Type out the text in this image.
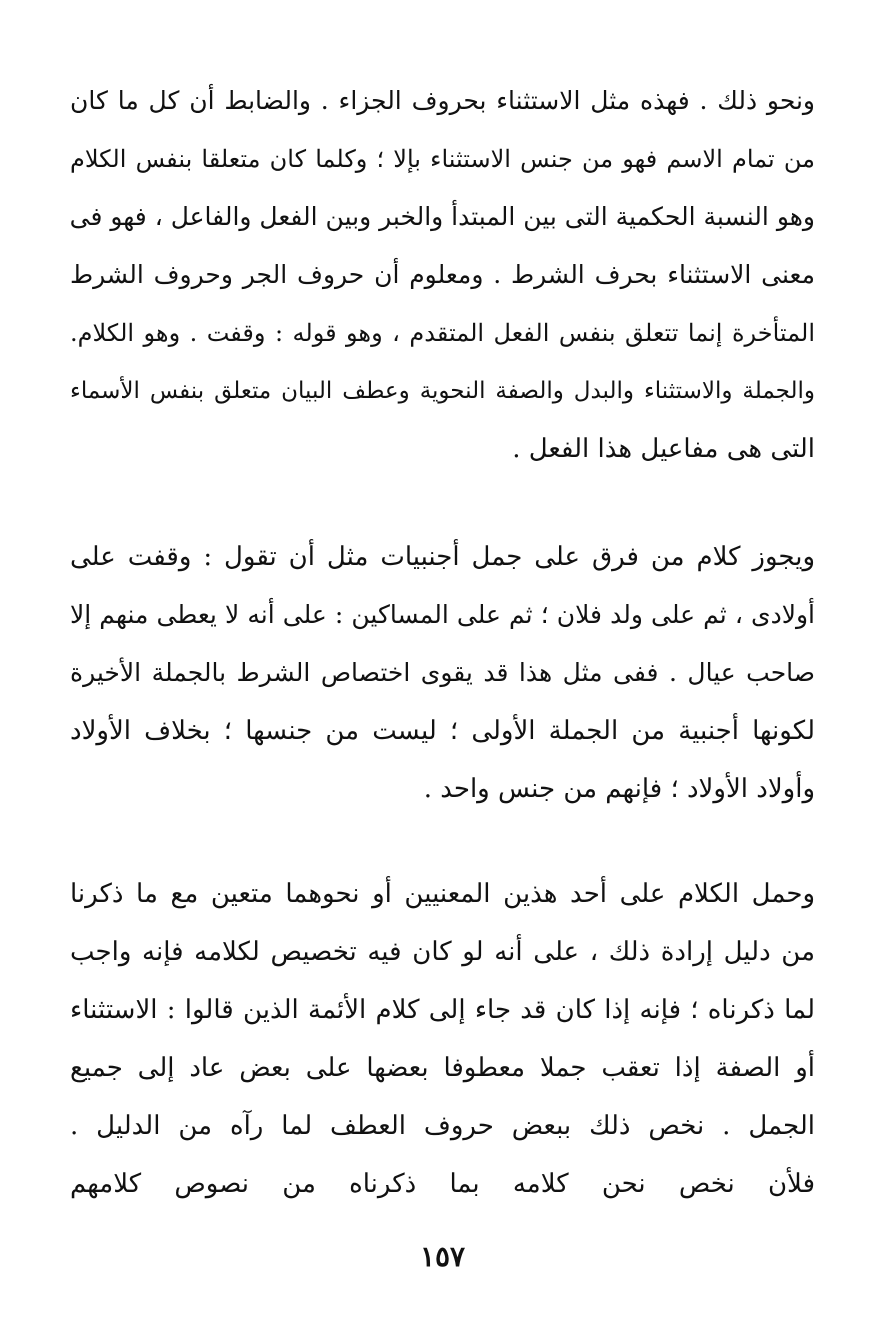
ونحو ذلك . فهذه مثل الاستثناء بحروف الجزاء . والضابط أن كل ما كان
من تمام الاسم فهو من جنس الاستثناء بإلا ؛ وكلما كان متعلقا بنفس الكلام
وهو النسبة الحكمية التى بين المبتدأ والخبر وبين الفعل والفاعل ، فهو فى
معنى الاستثناء بحرف الشرط . ومعلوم أن حروف الجر وحروف الشرط
المتأخرة إنما تتعلق بنفس الفعل المتقدم ، وهو قوله : وقفت . وهو الكلام.
والجملة والاستثناء والبدل والصفة النحوية وعطف البيان متعلق بنفس الأسماء
التى هى مفاعيل هذا الفعل .
ويجوز كلام من فرق على جمل أجنبيات مثل أن تقول : وقفت على
أولادى ، ثم على ولد فلان ؛ ثم على المساكين : على أنه لا يعطى منهم إلا
صاحب عيال . ففى مثل هذا قد يقوى اختصاص الشرط بالجملة الأخيرة
لكونها أجنبية من الجملة الأولى ؛ ليست من جنسها ؛ بخلاف الأولاد
وأولاد الأولاد ؛ فإنهم من جنس واحد .
وحمل الكلام على أحد هذين المعنيين أو نحوهما متعين مع ما ذكرنا
من دليل إرادة ذلك ، على أنه لو كان فيه تخصيص لكلامه فإنه واجب
لما ذكرناه ؛ فإنه إذا كان قد جاء إلى كلام الأئمة الذين قالوا : الاستثناء
أو الصفة إذا تعقب جملا معطوفا بعضها على بعض عاد إلى جميع
الجمل . نخص ذلك ببعض حروف العطف لما رآه من الدليل .
فلأن نخص نحن كلامه بما ذكرناه من نصوص كلامهم
١٥٧
